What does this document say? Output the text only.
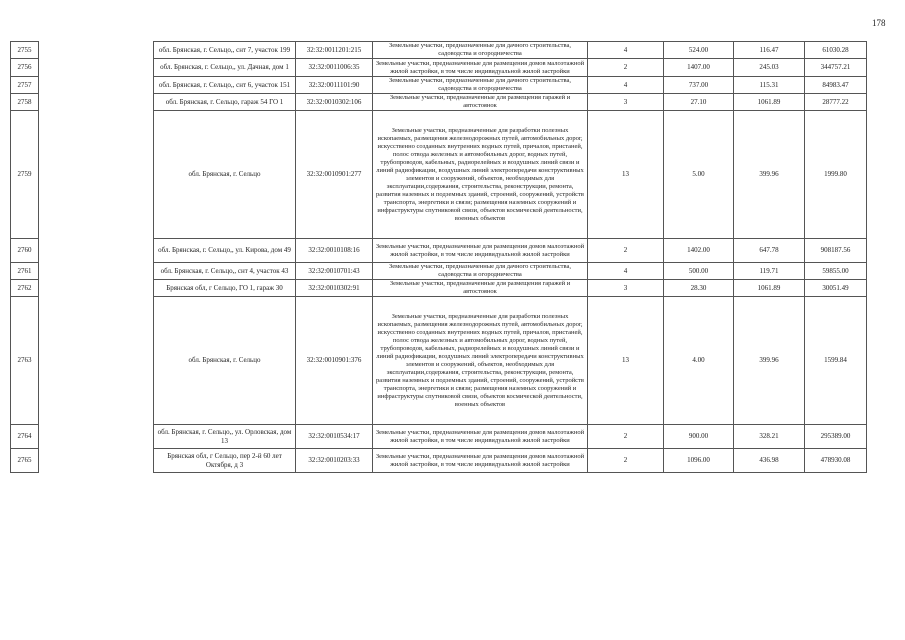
178
2755		обл. Брянская, г. Сельцо,, снт 7, участок 199	32:32:0011201:215	Земельные участки, предназначенные для дачного строительства, садоводства и огородничества	4	524.00	116.47	61030.28
2756		обл. Брянская, г. Сельцо,, ул. Дачная, дом 1	32:32:0011006:35	Земельные участки, предназначенные для размещения домов малоэтажной жилой застройки, в том числе индивидуальной жилой застройки	2	1407.00	245.03	344757.21
2757		обл. Брянская, г. Сельцо,, снт 6, участок 151	32:32:0011101:90	Земельные участки, предназначенные для дачного строительства, садоводства и огородничества	4	737.00	115.31	84983.47
2758		обл. Брянская, г. Сельцо, гараж 54 ГО 1	32:32:0010302:106	Земельные участки, предназначенные для размещения гаражей и автостоянок	3	27.10	1061.89	28777.22
2759		обл. Брянская, г. Сельцо	32:32:0010901:277	Земельные участки, предназначенные для разработки полезных ископаемых, размещения железнодорожных путей, автомобильных дорог, искусственно созданных внутренних водных путей, причалов, пристаней, полос отвода железных и автомобильных дорог, водных путей, трубопроводов, кабельных, радиорелейных и воздушных линий связи и линий радиофикации, воздушных линий электропередачи конструктивных элементов и сооружений, объектов, необходимых для эксплуатации,содержания, строительства, реконструкции, ремонта, развития наземных и подземных зданий, строений, сооружений, устройств транспорта, энергетики и связи; размещения наземных сооружений и инфраструктуры спутниковой связи, объектов космической деятельности, военных объектов	13	5.00	399.96	1999.80
2760		обл. Брянская, г. Сельцо,, ул. Кирова, дом 49	32:32:0010108:16	Земельные участки, предназначенные для размещения домов малоэтажной жилой застройки, в том числе индивидуальной жилой застройки	2	1402.00	647.78	908187.56
2761		обл. Брянская, г. Сельцо,, снт 4, участок 43	32:32:0010701:43	Земельные участки, предназначенные для дачного строительства, садоводства и огородничества	4	500.00	119.71	59855.00
2762		Брянская обл, г Сельцо, ГО 1, гараж 30	32:32:0010302:91	Земельные участки, предназначенные для размещения гаражей и автостоянок	3	28.30	1061.89	30051.49
2763		обл. Брянская, г. Сельцо	32:32:0010901:376	Земельные участки, предназначенные для разработки полезных ископаемых, размещения железнодорожных путей, автомобильных дорог, искусственно созданных внутренних водных путей, причалов, пристаней, полос отвода железных и автомобильных дорог, водных путей, трубопроводов, кабельных, радиорелейных и воздушных линий связи и линий радиофикации, воздушных линий электропередачи конструктивных элементов и сооружений, объектов, необходимых для эксплуатации,содержания, строительства, реконструкции, ремонта, развития наземных и подземных зданий, строений, сооружений, устройств транспорта, энергетики и связи; размещения наземных сооружений и инфраструктуры спутниковой связи, объектов космической деятельности, военных объектов	13	4.00	399.96	1599.84
2764		обл. Брянская, г. Сельцо,, ул. Орловская, дом 13	32:32:0010534:17	Земельные участки, предназначенные для размещения домов малоэтажной жилой застройки, в том числе индивидуальной жилой застройки	2	900.00	328.21	295389.00
2765		Брянская обл, г Сельцо, пер 2-й 60 лет Октября, д 3	32:32:0010203:33	Земельные участки, предназначенные для размещения домов малоэтажной жилой застройки, в том числе индивидуальной жилой застройки	2	1096.00	436.98	478930.08
